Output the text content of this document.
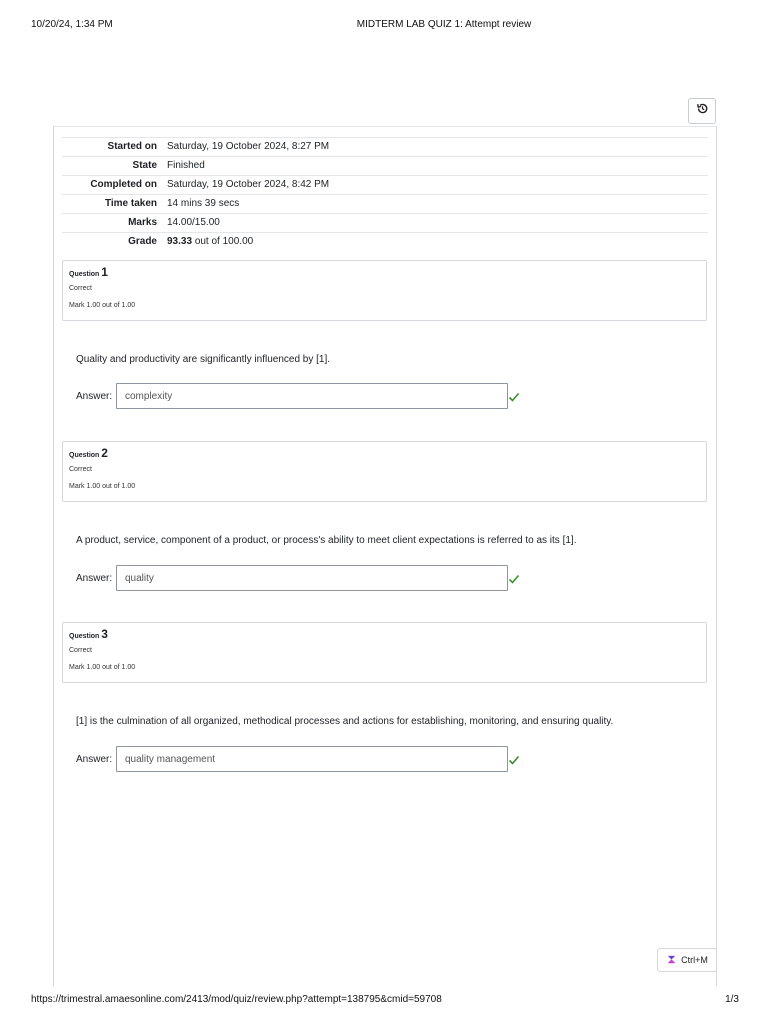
10/20/24, 1:34 PM	MIDTERM LAB QUIZ 1: Attempt review
Started on	Saturday, 19 October 2024, 8:27 PM
State	Finished
Completed on	Saturday, 19 October 2024, 8:42 PM
Time taken	14 mins 39 secs
Marks	14.00/15.00
Grade	93.33 out of 100.00
Question 1
Correct
Mark 1.00 out of 1.00
Quality and productivity are significantly influenced by [1].
Answer:	complexity
Question 2
Correct
Mark 1.00 out of 1.00
A product, service, component of a product, or process's ability to meet client expectations is referred to as its [1].
Answer:	quality
Question 3
Correct
Mark 1.00 out of 1.00
[1] is the culmination of all organized, methodical processes and actions for establishing, monitoring, and ensuring quality.
Answer:	quality management
Ctrl+M
https://trimestral.amaesonline.com/2413/mod/quiz/review.php?attempt=138795&cmid=59708	1/3
